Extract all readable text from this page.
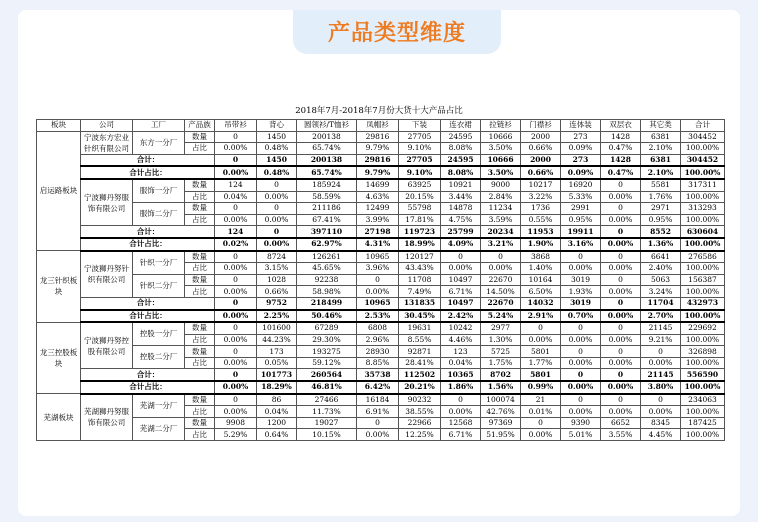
产品类型维度
2018年7月-2018年7月份大货十大产品占比
板块	公司	工厂	产品族	吊带衫	背心	圆领衫/T恤衫	凤帽衫	下装	连衣裙	拉链衫	门襟衫	连体装	双层衣	其它类	合计
启运路板块	宁波东方宏业针织有限公司	东方一分厂	数量	0	1450	200138	29816	27705	24595	10666	2000	273	1428	6381	304452
			占比	0.00%	0.48%	65.74%	9.79%	9.10%	8.08%	3.50%	0.66%	0.09%	0.47%	2.10%	100.00%
	合计：			0	1450	200138	29816	27705	24595	10666	2000	273	1428	6381	304452
	合计占比：			0.00%	0.48%	65.74%	9.79%	9.10%	8.08%	3.50%	0.66%	0.09%	0.47%	2.10%	100.00%
	宁波狮丹努服饰有限公司	服饰一分厂	数量	124	0	185924	14699	63925	10921	9000	10217	16920	0	5581	317311
			占比	0.04%	0.00%	58.59%	4.63%	20.15%	3.44%	2.84%	3.22%	5.33%	0.00%	1.76%	100.00%
		服饰二分厂	数量	0	0	211186	12499	55798	14878	11234	1736	2991	0	2971	313293
			占比	0.00%	0.00%	67.41%	3.99%	17.81%	4.75%	3.59%	0.55%	0.95%	0.00%	0.95%	100.00%
	合计：			124	0	397110	27198	119723	25799	20234	11953	19911	0	8552	630604
	合计占比：			0.02%	0.00%	62.97%	4.31%	18.99%	4.09%	3.21%	1.90%	3.16%	0.00%	1.36%	100.00%
龙三针织板块	宁波狮丹努针织有限公司	针织一分厂	数量	0	8724	126261	10965	120127	0	0	3868	0	0	6641	276586
			占比	0.00%	3.15%	45.65%	3.96%	43.43%	0.00%	0.00%	1.40%	0.00%	0.00%	2.40%	100.00%
		针织二分厂	数量	0	1028	92238	0	11708	10497	22670	10164	3019	0	5063	156387
			占比	0.00%	0.66%	58.98%	0.00%	7.49%	6.71%	14.50%	6.50%	1.93%	0.00%	3.24%	100.00%
	合计：			0	9752	218499	10965	131835	10497	22670	14032	3019	0	11704	432973
	合计占比：			0.00%	2.25%	50.46%	2.53%	30.45%	2.42%	5.24%	2.91%	0.70%	0.00%	2.70%	100.00%
龙三控股板块	宁波狮丹努控股有限公司	控股一分厂	数量	0	101600	67289	6808	19631	10242	2977	0	0	0	21145	229692
			占比	0.00%	44.23%	29.30%	2.96%	8.55%	4.46%	1.30%	0.00%	0.00%	0.00%	9.21%	100.00%
		控股二分厂	数量	0	173	193275	28930	92871	123	5725	5801	0	0	0	326898
			占比	0.00%	0.05%	59.12%	8.85%	28.41%	0.04%	1.75%	1.77%	0.00%	0.00%	0.00%	100.00%
	合计：			0	101773	260564	35738	112502	10365	8702	5801	0	0	21145	556590
	合计占比：			0.00%	18.29%	46.81%	6.42%	20.21%	1.86%	1.56%	0.99%	0.00%	0.00%	3.80%	100.00%
芜湖板块	芜湖狮丹努服饰有限公司	芜湖一分厂	数量	0	86	27466	16184	90232	0	100074	21	0	0	0	234063
			占比	0.00%	0.04%	11.73%	6.91%	38.55%	0.00%	42.76%	0.01%	0.00%	0.00%	0.00%	100.00%
		芜湖二分厂	数量	9908	1200	19027	0	22966	12568	97369	0	9390	6652	8345	187425
			占比	5.29%	0.64%	10.15%	0.00%	12.25%	6.71%	51.95%	0.00%	5.01%	3.55%	4.45%	100.00%
